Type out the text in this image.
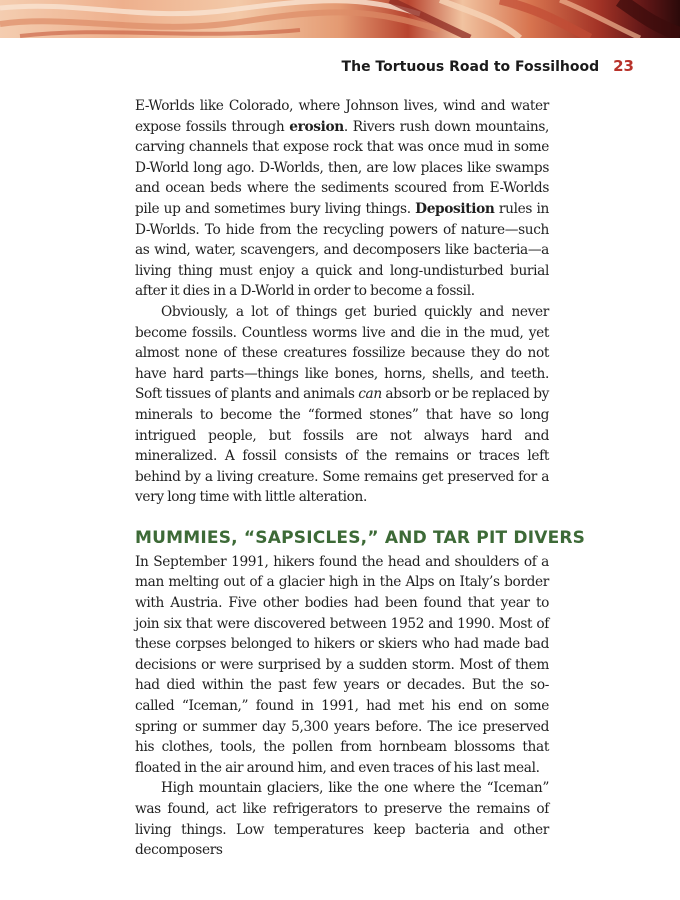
The Tortuous Road to Fossilhood 23

E-Worlds like Colorado, where Johnson lives, wind and water expose fossils through erosion. Rivers rush down mountains, carving channels that expose rock that was once mud in some D-World long ago. D-Worlds, then, are low places like swamps and ocean beds where the sediments scoured from E-Worlds pile up and sometimes bury living things. Deposition rules in D-Worlds. To hide from the recycling powers of nature—such as wind, water, scavengers, and decomposers like bacteria—a living thing must enjoy a quick and long-undisturbed burial after it dies in a D-World in order to become a fossil.

Obviously, a lot of things get buried quickly and never become fossils. Countless worms live and die in the mud, yet almost none of these creatures fossilize because they do not have hard parts—things like bones, horns, shells, and teeth. Soft tissues of plants and animals can absorb or be replaced by minerals to become the “formed stones” that have so long intrigued people, but fossils are not always hard and mineralized. A fossil consists of the remains or traces left behind by a living creature. Some remains get preserved for a very long time with little alteration.

MUMMIES, “SAPSICLES,” AND TAR PIT DIVERS

In September 1991, hikers found the head and shoulders of a man melting out of a glacier high in the Alps on Italy’s border with Austria. Five other bodies had been found that year to join six that were discovered between 1952 and 1990. Most of these corpses belonged to hikers or skiers who had made bad decisions or were surprised by a sudden storm. Most of them had died within the past few years or decades. But the so-called “Iceman,” found in 1991, had met his end on some spring or summer day 5,300 years before. The ice preserved his clothes, tools, the pollen from hornbeam blossoms that floated in the air around him, and even traces of his last meal.

High mountain glaciers, like the one where the “Iceman” was found, act like refrigerators to preserve the remains of living things. Low temperatures keep bacteria and other decomposers
